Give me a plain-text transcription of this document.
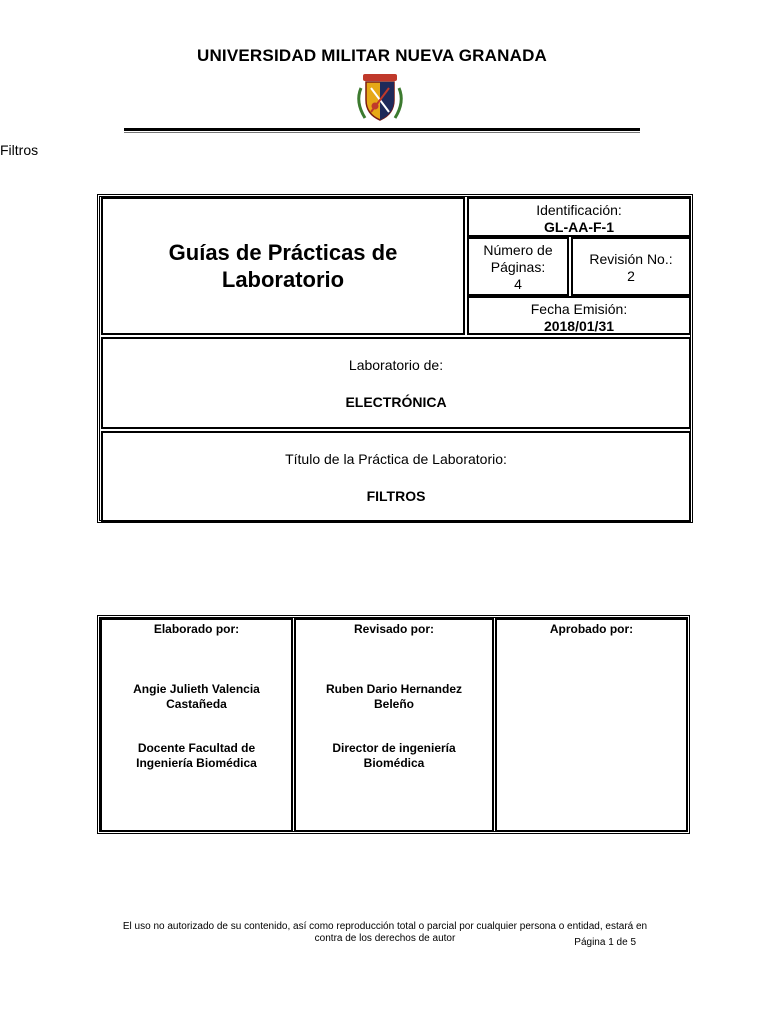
UNIVERSIDAD MILITAR NUEVA GRANADA
Filtros
Guías de Prácticas de Laboratorio
Identificación:
GL-AA-F-1
Número de
Páginas:
4
Revisión No.:
2
Fecha Emisión:
2018/01/31
Laboratorio de:
ELECTRÓNICA
Título de la Práctica de Laboratorio:
FILTROS
Elaborado por:
Angie Julieth Valencia
Castañeda
Docente Facultad de
Ingeniería Biomédica
Revisado por:
Ruben Dario Hernandez
Beleño
Director de ingeniería
Biomédica
Aprobado por:
El uso no autorizado de su contenido, así como reproducción total o parcial por cualquier persona o entidad, estará en
contra de los derechos de autor	Página 1 de 5
